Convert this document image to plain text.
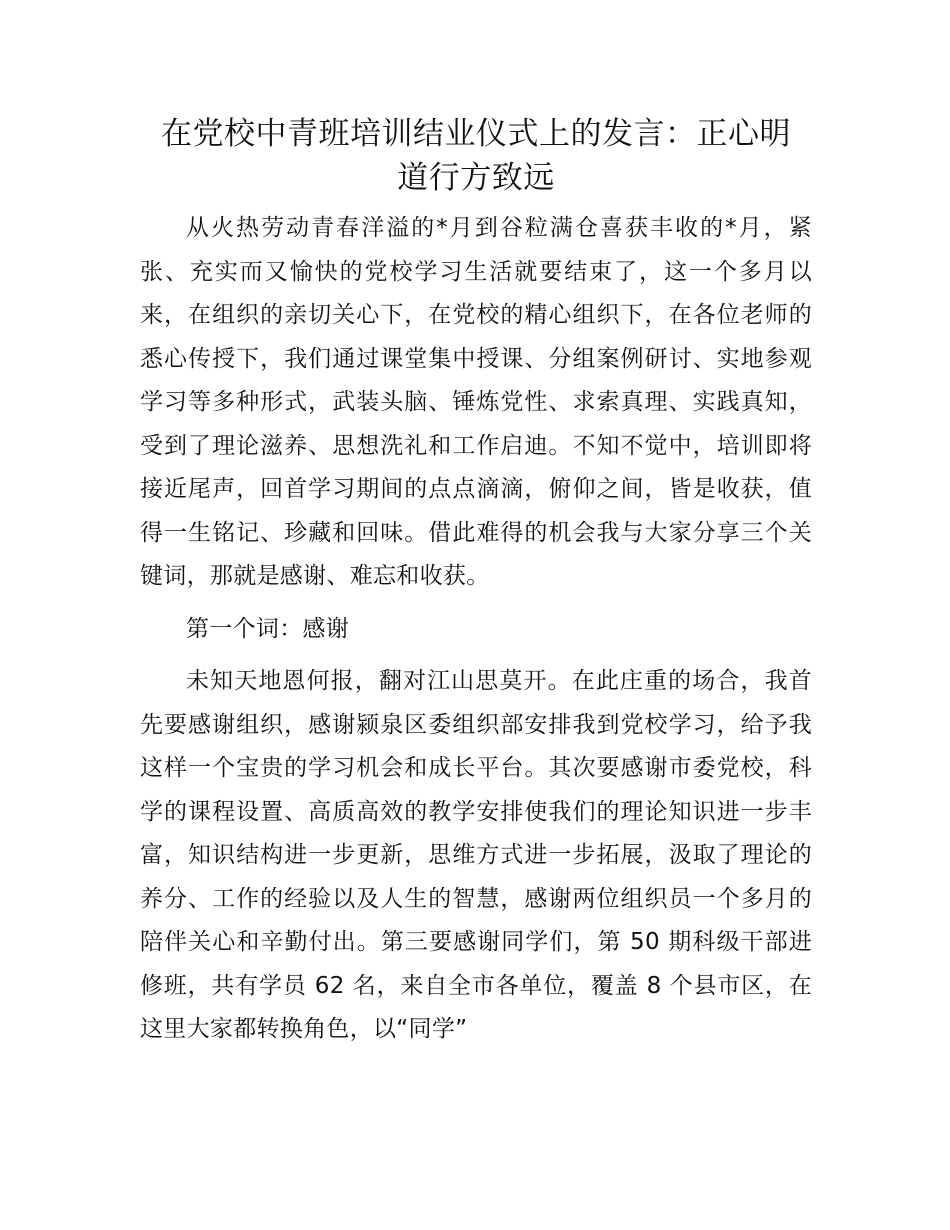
在党校中青班培训结业仪式上的发言：正心明
道行方致远

从火热劳动青春洋溢的*月到谷粒满仓喜获丰收的*月，紧张、充实而又愉快的党校学习生活就要结束了，这一个多月以来，在组织的亲切关心下，在党校的精心组织下，在各位老师的悉心传授下，我们通过课堂集中授课、分组案例研讨、实地参观学习等多种形式，武装头脑、锤炼党性、求索真理、实践真知，受到了理论滋养、思想洗礼和工作启迪。不知不觉中，培训即将接近尾声，回首学习期间的点点滴滴，俯仰之间，皆是收获，值得一生铭记、珍藏和回味。借此难得的机会我与大家分享三个关键词，那就是感谢、难忘和收获。

第一个词：感谢

未知天地恩何报，翻对江山思莫开。在此庄重的场合，我首先要感谢组织，感谢颍泉区委组织部安排我到党校学习，给予我这样一个宝贵的学习机会和成长平台。其次要感谢市委党校，科学的课程设置、高质高效的教学安排使我们的理论知识进一步丰富，知识结构进一步更新，思维方式进一步拓展，汲取了理论的养分、工作的经验以及人生的智慧，感谢两位组织员一个多月的陪伴关心和辛勤付出。第三要感谢同学们，第 50 期科级干部进修班，共有学员 62 名，来自全市各单位，覆盖 8 个县市区，在这里大家都转换角色，以“同学”
